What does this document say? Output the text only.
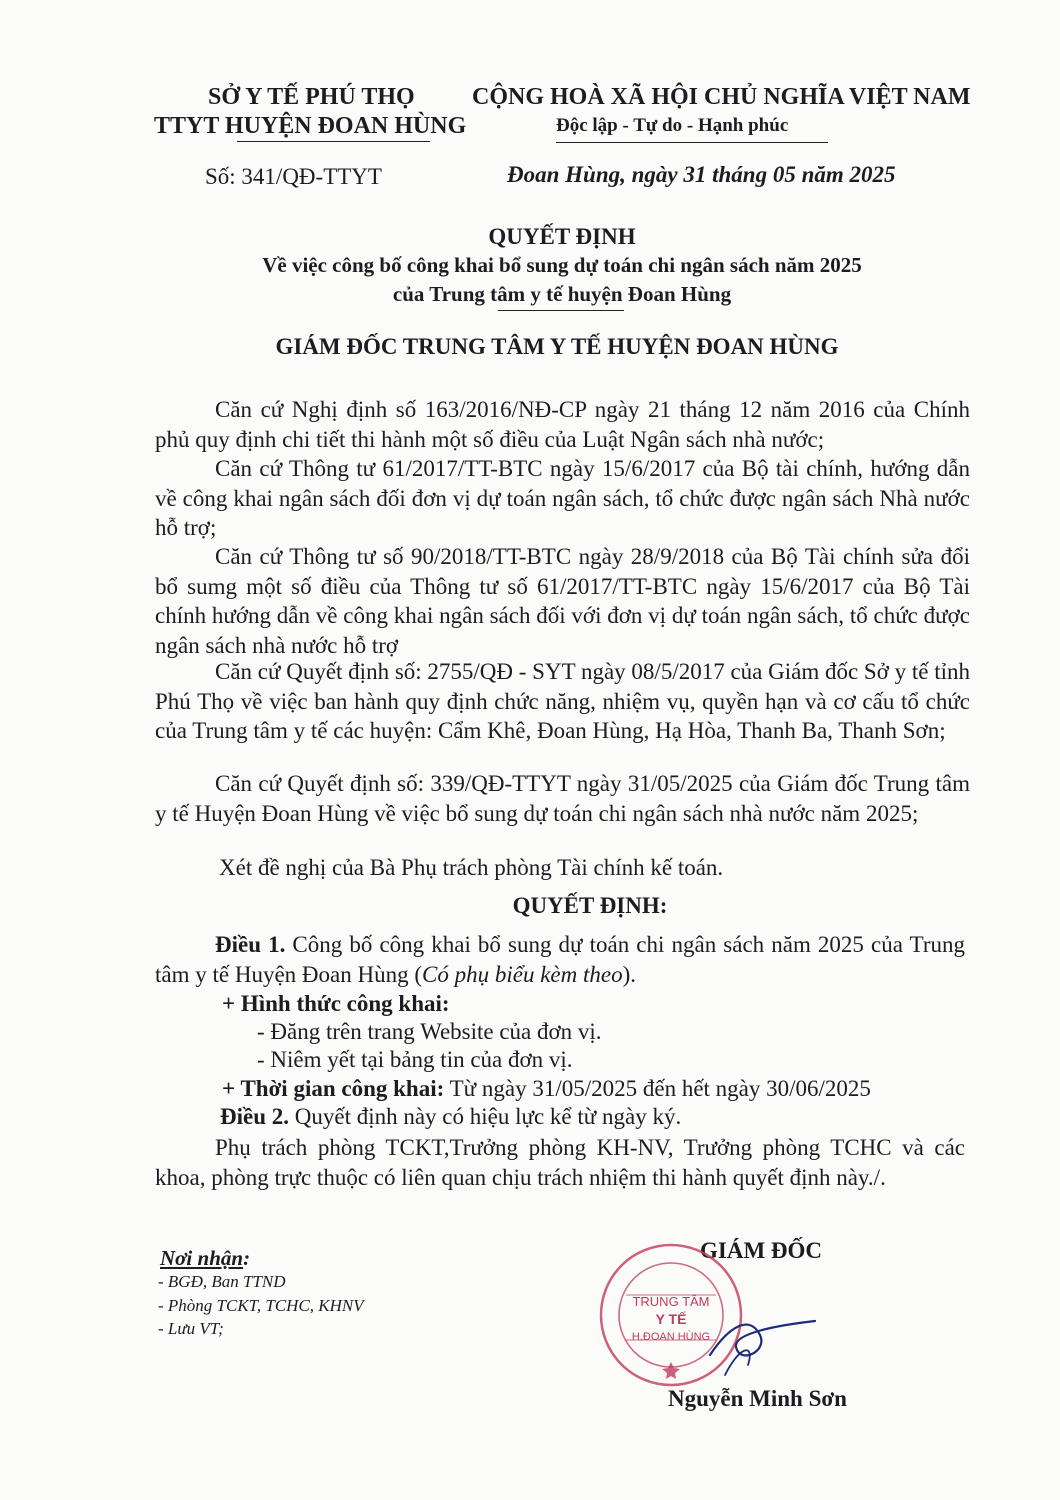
SỞ Y TẾ PHÚ THỌ
TTYT HUYỆN ĐOAN HÙNG
CỘNG HOÀ XÃ HỘI CHỦ NGHĨA VIỆT NAM
Độc lập - Tự do - Hạnh phúc
Số: 341/QĐ-TTYT	Đoan Hùng, ngày 31 tháng 05 năm 2025
QUYẾT ĐỊNH
Về việc công bố công khai bổ sung dự toán chi ngân sách năm 2025
của Trung tâm y tế huyện Đoan Hùng
GIÁM ĐỐC TRUNG TÂM Y TẾ HUYỆN ĐOAN HÙNG
Căn cứ Nghị định số 163/2016/NĐ-CP ngày 21 tháng 12 năm 2016 của Chính phủ quy định chi tiết thi hành một số điều của Luật Ngân sách nhà nước;
Căn cứ Thông tư 61/2017/TT-BTC ngày 15/6/2017 của Bộ tài chính, hướng dẫn về công khai ngân sách đối đơn vị dự toán ngân sách, tổ chức được ngân sách Nhà nước hỗ trợ;
Căn cứ Thông tư số 90/2018/TT-BTC ngày 28/9/2018 của Bộ Tài chính sửa đổi bổ sumg một số điều của Thông tư số 61/2017/TT-BTC ngày 15/6/2017 của Bộ Tài chính hướng dẫn về công khai ngân sách đối với đơn vị dự toán ngân sách, tổ chức được ngân sách nhà nước hỗ trợ
Căn cứ Quyết định số: 2755/QĐ - SYT ngày 08/5/2017 của Giám đốc Sở y tế tỉnh Phú Thọ về việc ban hành quy định chức năng, nhiệm vụ, quyền hạn và cơ cấu tổ chức của Trung tâm y tế các huyện: Cẩm Khê, Đoan Hùng, Hạ Hòa, Thanh Ba, Thanh Sơn;
Căn cứ Quyết định số: 339/QĐ-TTYT ngày 31/05/2025 của Giám đốc Trung tâm y tế Huyện Đoan Hùng về việc bổ sung dự toán chi ngân sách nhà nước năm 2025;
Xét đề nghị của Bà Phụ trách phòng Tài chính kế toán.
QUYẾT ĐỊNH:
Điều 1. Công bố công khai bổ sung dự toán chi ngân sách năm 2025 của Trung tâm y tế Huyện Đoan Hùng (Có phụ biểu kèm theo).
+ Hình thức công khai:
- Đăng trên trang Website của đơn vị.
- Niêm yết tại bảng tin của đơn vị.
+ Thời gian công khai: Từ ngày 31/05/2025 đến hết ngày 30/06/2025
Điều 2. Quyết định này có hiệu lực kể từ ngày ký.
Phụ trách phòng TCKT,Trưởng phòng KH-NV, Trưởng phòng TCHC và các khoa, phòng trực thuộc có liên quan chịu trách nhiệm thi hành quyết định này./.
Nơi nhận:
- BGĐ, Ban TTND
- Phòng TCKT, TCHC, KHNV
- Lưu VT;
GIÁM ĐỐC
TRUNG TÂM
Y TẾ
H.ĐOAN HÙNG
Nguyễn Minh Sơn
